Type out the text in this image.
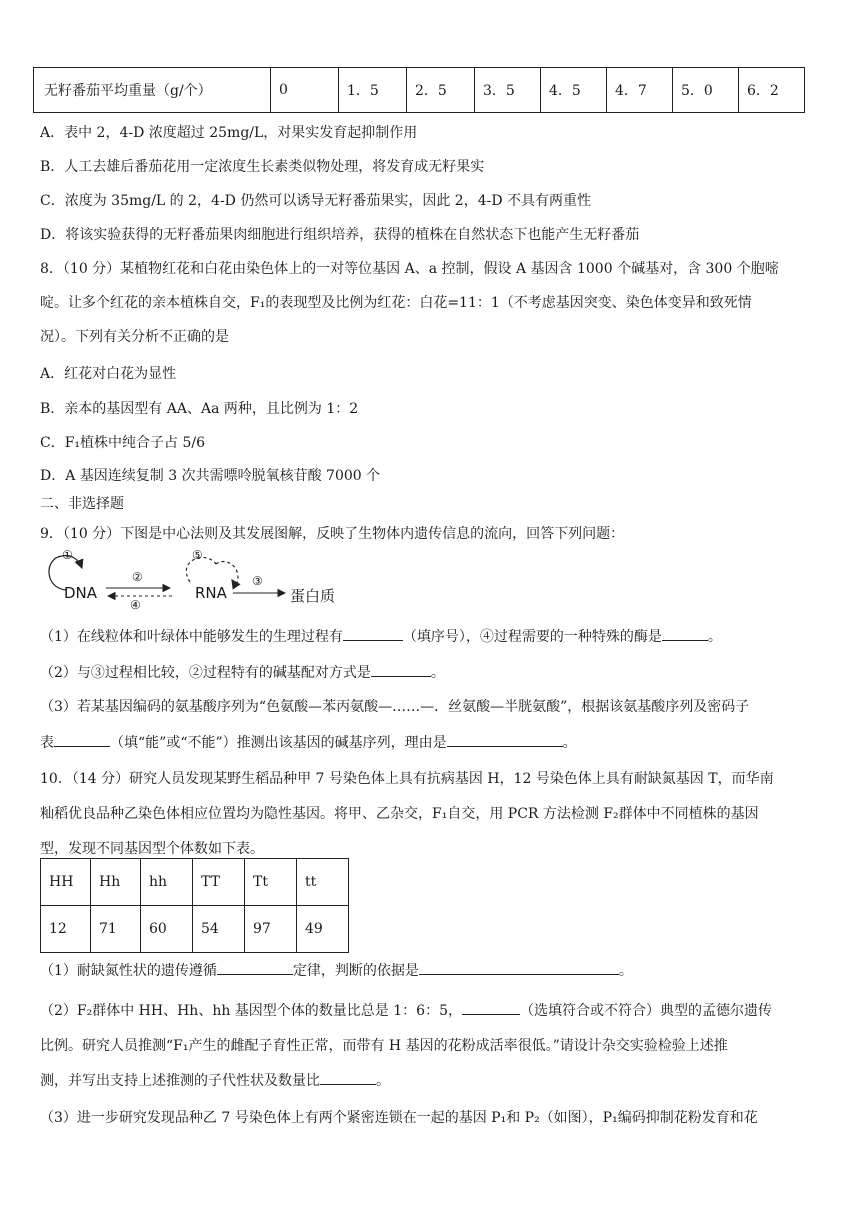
无籽番茄平均重量（g/个）	0	1．5	2．5	3．5	4．5	4．7	5．0	6．2
A．表中 2，4-D 浓度超过 25mg/L，对果实发育起抑制作用
B．人工去雄后番茄花用一定浓度生长素类似物处理，将发育成无籽果实
C．浓度为 35mg/L 的 2，4-D 仍然可以诱导无籽番茄果实，因此 2，4-D 不具有两重性
D．将该实验获得的无籽番茄果肉细胞进行组织培养，获得的植株在自然状态下也能产生无籽番茄
8．（10 分）某植物红花和白花由染色体上的一对等位基因 A、a 控制，假设 A 基因含 1000 个碱基对，含 300 个胞嘧
啶。让多个红花的亲本植株自交，F₁的表现型及比例为红花：白花=11：1（不考虑基因突变、染色体变异和致死情
况）。下列有关分析不正确的是
A．红花对白花为显性
B．亲本的基因型有 AA、Aa 两种，且比例为 1：2
C．F₁植株中纯合子占 5/6
D．A 基因连续复制 3 次共需嘌呤脱氧核苷酸 7000 个
二、非选择题
9．（10 分）下图是中心法则及其发展图解，反映了生物体内遗传信息的流向，回答下列问题：
①
DNA
②
④
⑤
RNA
③
蛋白质
（1）在线粒体和叶绿体中能够发生的生理过程有	（填序号），④过程需要的一种特殊的酶是	。
（2）与③过程相比较，②过程特有的碱基配对方式是	。
（3）若某基因编码的氨基酸序列为“色氨酸—苯丙氨酸—……—．丝氨酸—半胱氨酸”，根据该氨基酸序列及密码子
表	（填“能”或“不能”）推测出该基因的碱基序列，理由是	。
10．（14 分）研究人员发现某野生稻品种甲 7 号染色体上具有抗病基因 H，12 号染色体上具有耐缺氮基因 T，而华南
籼稻优良品种乙染色体相应位置均为隐性基因。将甲、乙杂交，F₁自交，用 PCR 方法检测 F₂群体中不同植株的基因
型，发现不同基因型个体数如下表。
HH	Hh	hh	TT	Tt	tt
12	71	60	54	97	49
（1）耐缺氮性状的遗传遵循	定律，判断的依据是	。
（2）F₂群体中 HH、Hh、hh 基因型个体的数量比总是 1：6：5，	（选填符合或不符合）典型的孟德尔遗传
比例。研究人员推测“F₁产生的雌配子育性正常，而带有 H 基因的花粉成活率很低。”请设计杂交实验检验上述推
测，并写出支持上述推测的子代性状及数量比	。
（3）进一步研究发现品种乙 7 号染色体上有两个紧密连锁在一起的基因 P₁和 P₂（如图），P₁编码抑制花粉发育和花
